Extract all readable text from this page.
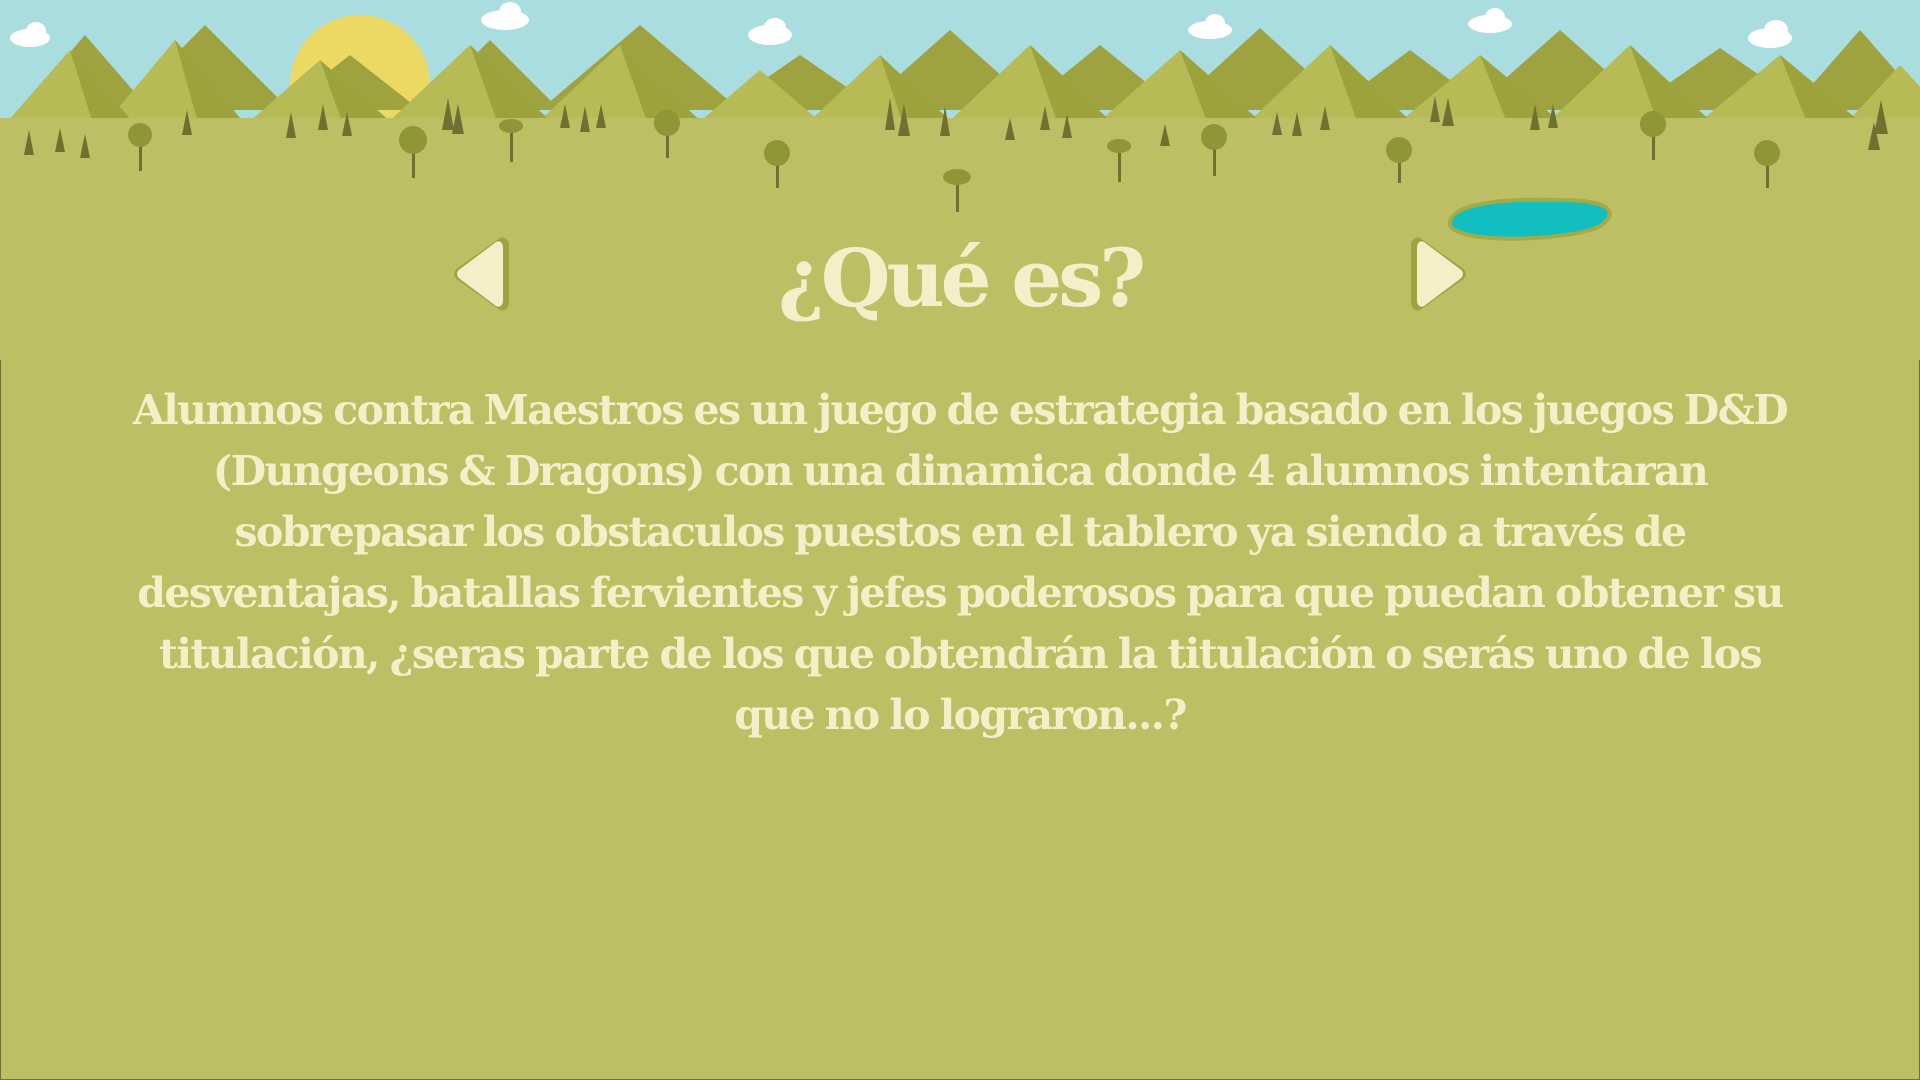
¿Qué es?

Alumnos contra Maestros es un juego de estrategia basado en los juegos D&D (Dungeons & Dragons) con una dinamica donde 4 alumnos intentaran sobrepasar los obstaculos puestos en el tablero ya siendo a través de desventajas, batallas fervientes y jefes poderosos para que puedan obtener su titulación, ¿seras parte de los que obtendrán la titulación o serás uno de los que no lo lograron...?
